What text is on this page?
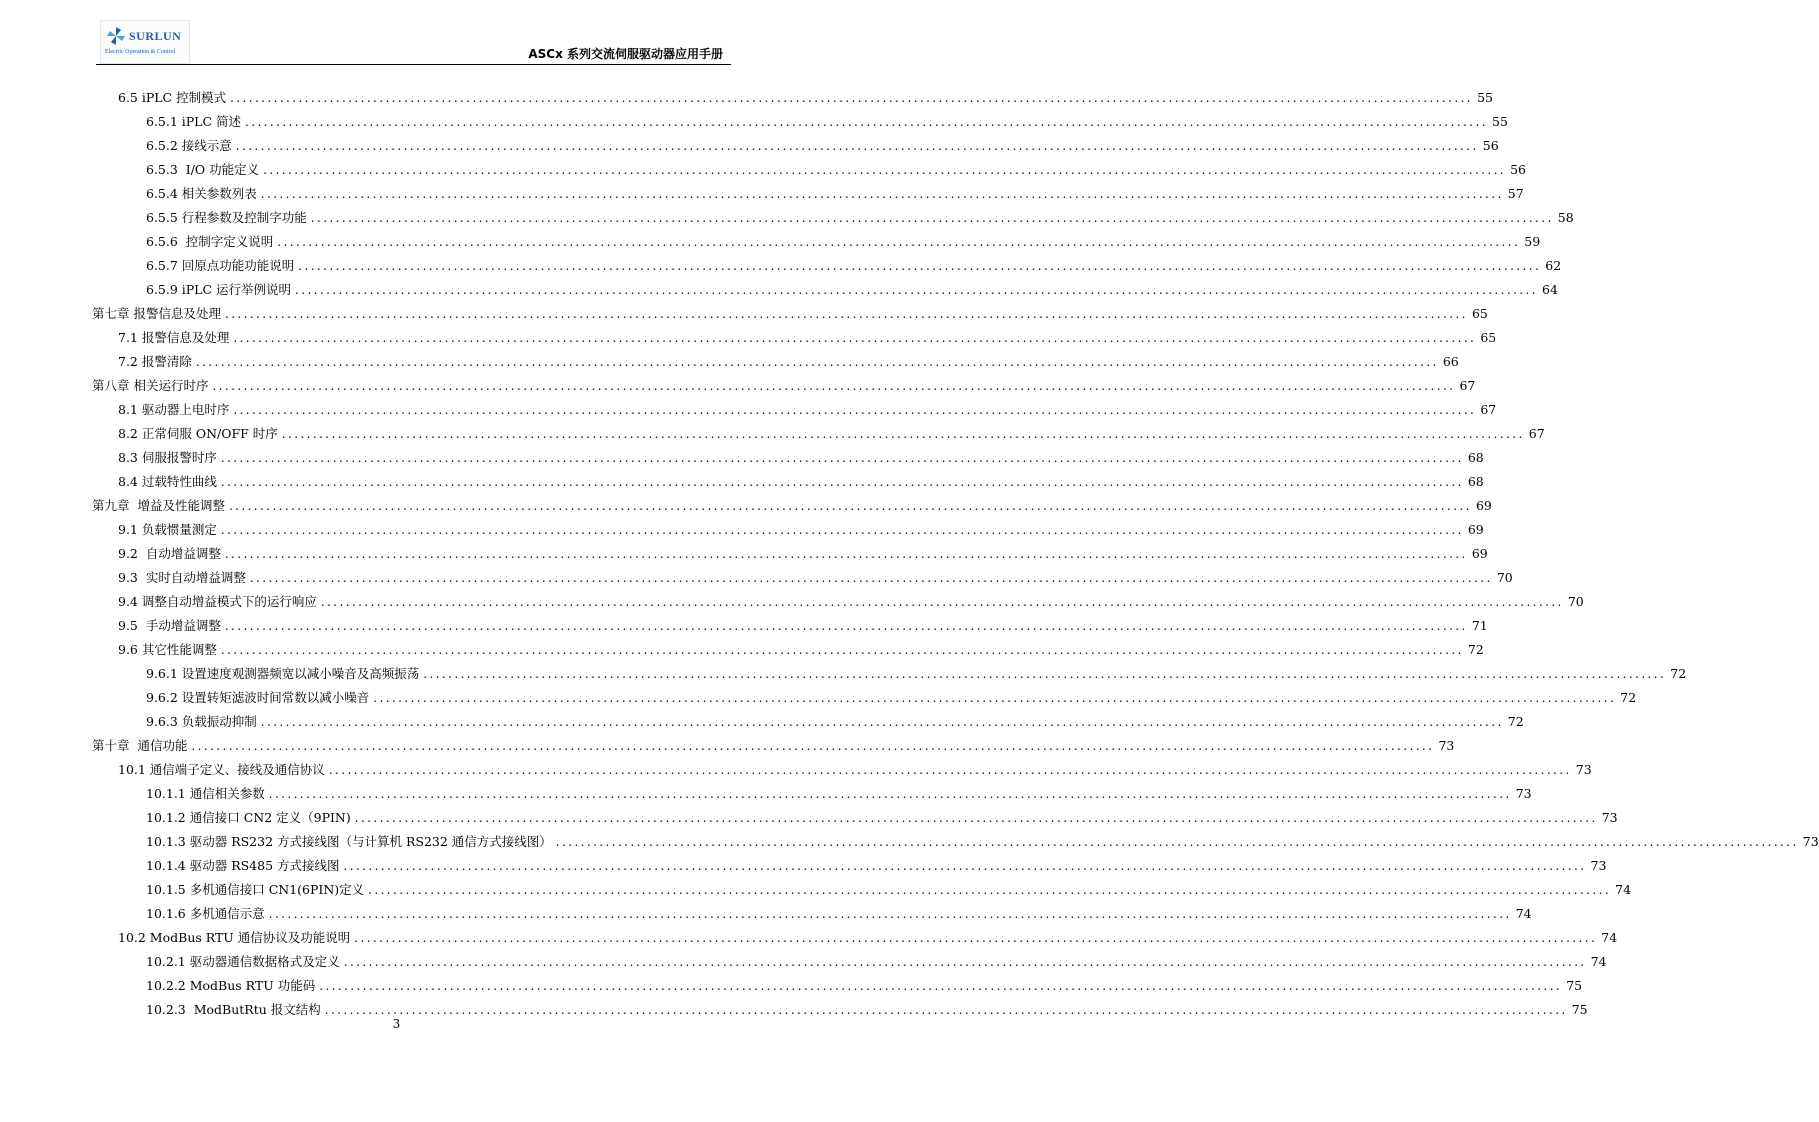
SURLUN
Electric Operation & Control	ASCx 系列交流伺服驱动器应用手册
6.5 iPLC 控制模式 ........................................................................................................................................................................................................ 55
6.5.1 iPLC 简述 ........................................................................................................................................................................................................ 55
6.5.2 接线示意 ........................................................................................................................................................................................................ 56
6.5.3  I/O 功能定义 ........................................................................................................................................................................................................ 56
6.5.4 相关参数列表 ........................................................................................................................................................................................................ 57
6.5.5 行程参数及控制字功能 ........................................................................................................................................................................................................ 58
6.5.6  控制字定义说明 ........................................................................................................................................................................................................ 59
6.5.7 回原点功能功能说明 ........................................................................................................................................................................................................ 62
6.5.9 iPLC 运行举例说明 ........................................................................................................................................................................................................ 64
第七章 报警信息及处理 ........................................................................................................................................................................................................ 65
7.1 报警信息及处理 ........................................................................................................................................................................................................ 65
7.2 报警清除 ........................................................................................................................................................................................................ 66
第八章 相关运行时序 ........................................................................................................................................................................................................ 67
8.1 驱动器上电时序 ........................................................................................................................................................................................................ 67
8.2 正常伺服 ON/OFF 时序 ........................................................................................................................................................................................................ 67
8.3 伺服报警时序 ........................................................................................................................................................................................................ 68
8.4 过载特性曲线 ........................................................................................................................................................................................................ 68
第九章  增益及性能调整 ........................................................................................................................................................................................................ 69
9.1 负载惯量测定 ........................................................................................................................................................................................................ 69
9.2  自动增益调整 ........................................................................................................................................................................................................ 69
9.3  实时自动增益调整 ........................................................................................................................................................................................................ 70
9.4 调整自动增益模式下的运行响应 ........................................................................................................................................................................................................ 70
9.5  手动增益调整 ........................................................................................................................................................................................................ 71
9.6 其它性能调整 ........................................................................................................................................................................................................ 72
9.6.1 设置速度观测器频宽以减小噪音及高频振荡 ........................................................................................................................................................................................................ 72
9.6.2 设置转矩滤波时间常数以减小噪音 ........................................................................................................................................................................................................ 72
9.6.3 负载振动抑制 ........................................................................................................................................................................................................ 72
第十章  通信功能 ........................................................................................................................................................................................................ 73
10.1 通信端子定义、接线及通信协议 ........................................................................................................................................................................................................ 73
10.1.1 通信相关参数 ........................................................................................................................................................................................................ 73
10.1.2 通信接口 CN2 定义（9PIN) ........................................................................................................................................................................................................ 73
10.1.3 驱动器 RS232 方式接线图（与计算机 RS232 通信方式接线图） ........................................................................................................................................................................................................ 73
10.1.4 驱动器 RS485 方式接线图 ........................................................................................................................................................................................................ 73
10.1.5 多机通信接口 CN1(6PIN)定义 ........................................................................................................................................................................................................ 74
10.1.6 多机通信示意 ........................................................................................................................................................................................................ 74
10.2 ModBus RTU 通信协议及功能说明 ........................................................................................................................................................................................................ 74
10.2.1 驱动器通信数据格式及定义 ........................................................................................................................................................................................................ 74
10.2.2 ModBus RTU 功能码 ........................................................................................................................................................................................................ 75
10.2.3  ModButRtu 报文结构 ........................................................................................................................................................................................................ 75
3
